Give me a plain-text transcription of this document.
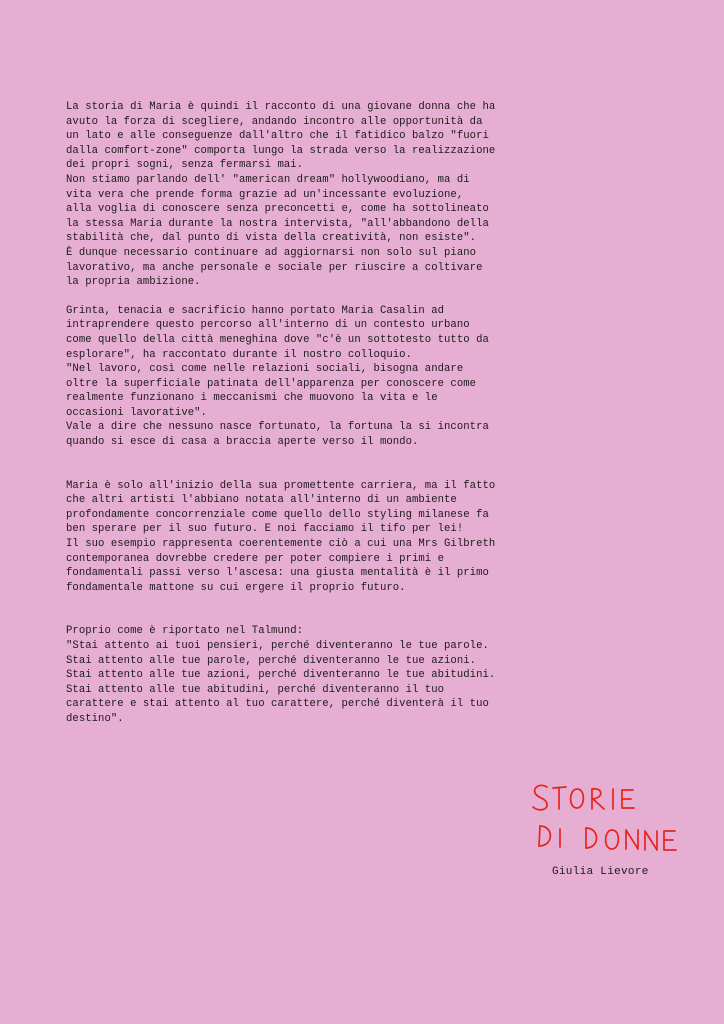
La storia di Maria è quindi il racconto di una giovane donna che ha
avuto la forza di scegliere, andando incontro alle opportunità da
un lato e alle conseguenze dall'altro che il fatidico balzo "fuori
dalla comfort-zone" comporta lungo la strada verso la realizzazione
dei propri sogni, senza fermarsi mai.
Non stiamo parlando dell' "american dream" hollywoodiano, ma di
vita vera che prende forma grazie ad un'incessante evoluzione,
alla voglia di conoscere senza preconcetti e, come ha sottolineato
la stessa Maria durante la nostra intervista, "all'abbandono della
stabilità che, dal punto di vista della creatività, non esiste".
È dunque necessario continuare ad aggiornarsi non solo sul piano
lavorativo, ma anche personale e sociale per riuscire a coltivare
la propria ambizione.

Grinta, tenacia e sacrificio hanno portato Maria Casalin ad
intraprendere questo percorso all'interno di un contesto urbano
come quello della città meneghina dove "c'è un sottotesto tutto da
esplorare", ha raccontato durante il nostro colloquio.
"Nel lavoro, così come nelle relazioni sociali, bisogna andare
oltre la superficiale patinata dell'apparenza per conoscere come
realmente funzionano i meccanismi che muovono la vita e le
occasioni lavorative".
Vale a dire che nessuno nasce fortunato, la fortuna la si incontra
quando si esce di casa a braccia aperte verso il mondo.

Maria è solo all'inizio della sua promettente carriera, ma il fatto
che altri artisti l'abbiano notata all'interno di un ambiente
profondamente concorrenziale come quello dello styling milanese fa
ben sperare per il suo futuro. E noi facciamo il tifo per lei!
Il suo esempio rappresenta coerentemente ciò a cui una Mrs Gilbreth
contemporanea dovrebbe credere per poter compiere i primi e
fondamentali passi verso l'ascesa: una giusta mentalità è il primo
fondamentale mattone su cui ergere il proprio futuro.

Proprio come è riportato nel Talmund:
"Stai attento ai tuoi pensieri, perché diventeranno le tue parole.
Stai attento alle tue parole, perché diventeranno le tue azioni.
Stai attento alle tue azioni, perché diventeranno le tue abitudini.
Stai attento alle tue abitudini, perché diventeranno il tuo
carattere e stai attento al tuo carattere, perché diventerà il tuo
destino".

Giulia Lievore
